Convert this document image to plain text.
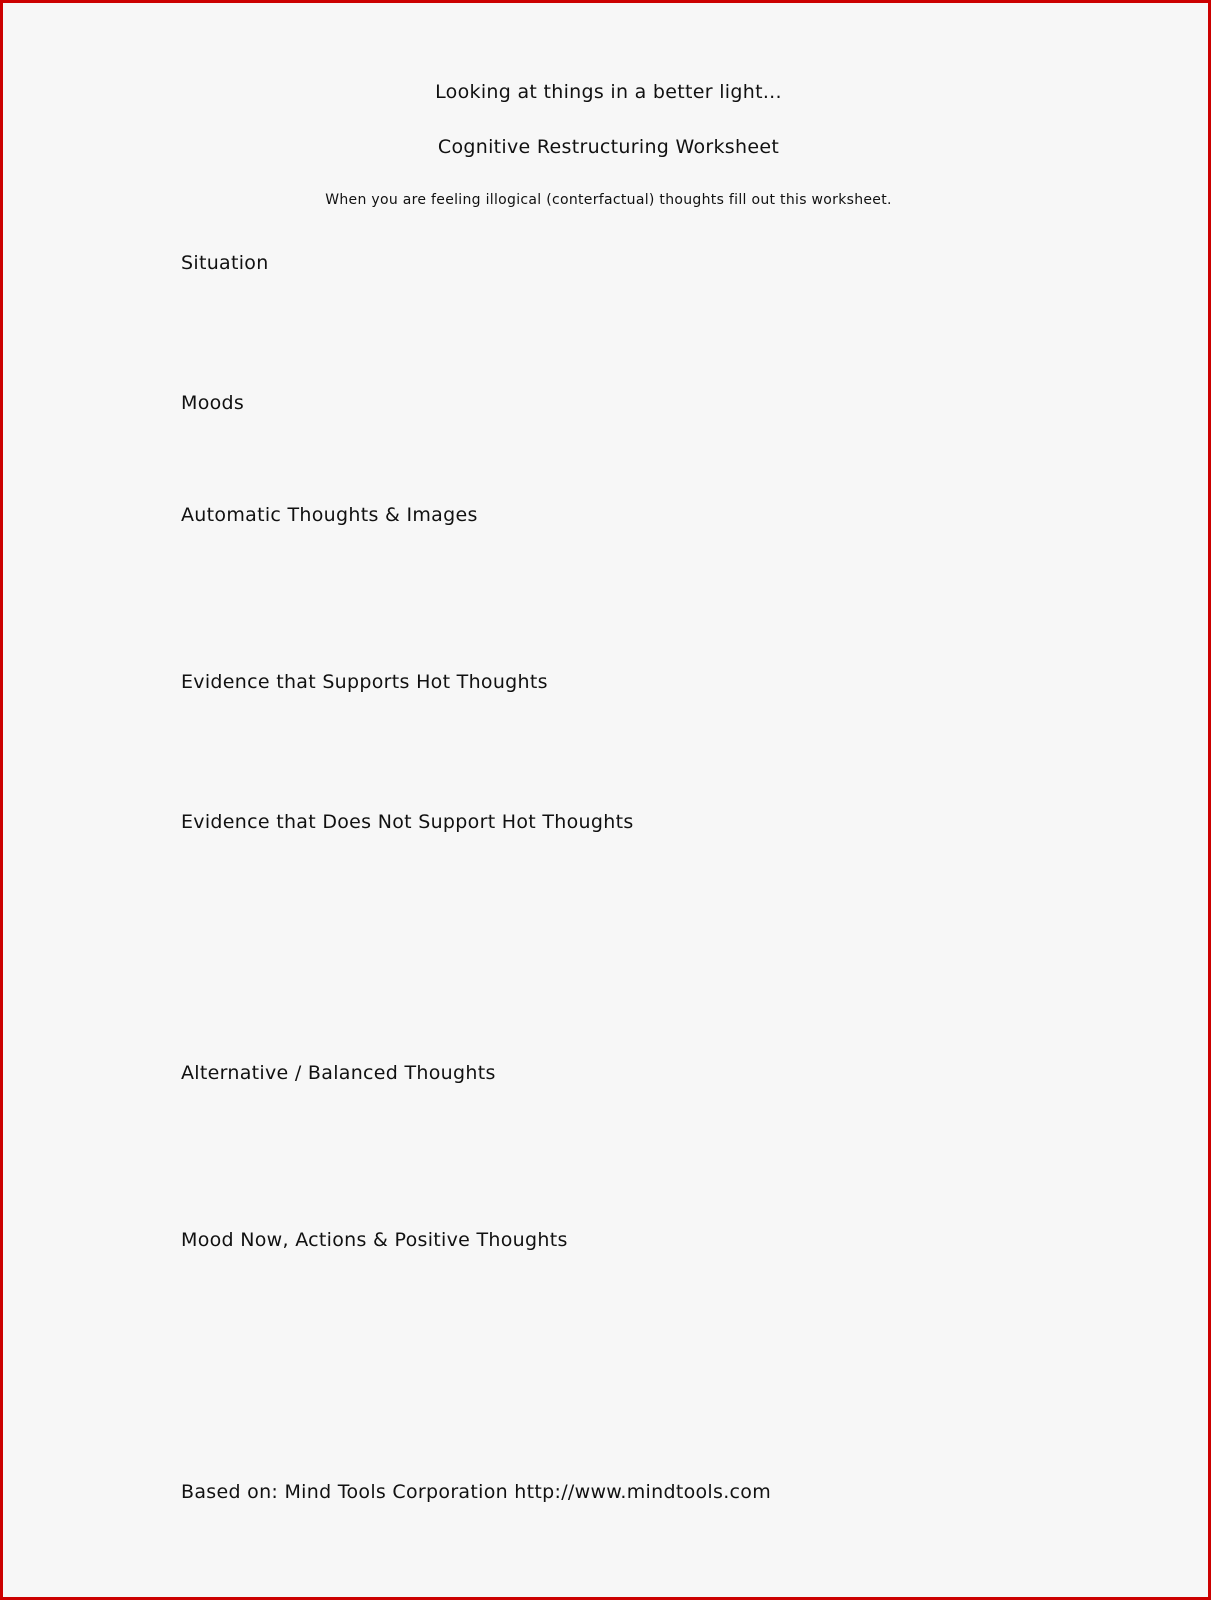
Looking at things in a better light...
Cognitive Restructuring Worksheet
When you are feeling illogical (conterfactual) thoughts fill out this worksheet.
Situation
Moods
Automatic Thoughts & Images
Evidence that Supports Hot Thoughts
Evidence that Does Not Support Hot Thoughts
Alternative / Balanced Thoughts
Mood Now, Actions & Positive Thoughts
Based on: Mind Tools Corporation http://www.mindtools.com
